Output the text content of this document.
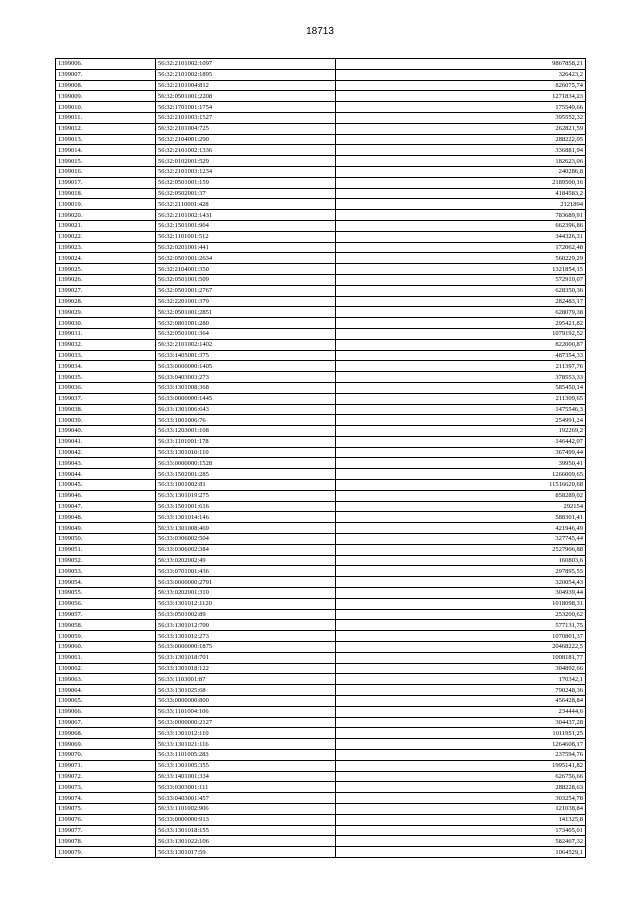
18713
1399006.	56:32:2101002:1097	9867858,21
1399007.	56:32:2101002:1895	326423,2
1399008.	56:32:2101004:812	826075,74
1399009.	56:32:0501001:2208	1271834,23
1399010.	56:32:1701001:1754	175549,66
1399011.	56:32:2101003:1527	395552,32
1399012.	56:32:2101004:725	262821,59
1399013.	56:32:2104001:290	288222,05
1399014.	56:32:2101002:1336	336881,94
1399015.	56:32:0102001:529	182623,06
1399016.	56:32:2101003:1234	240286,8
1399017.	56:32:0501001:159	2189500,16
1399018.	56:32:0502001:37	4184583,2
1399019.	56:32:2110001:428	2121894
1399020.	56:32:2101002:1431	783689,91
1399021.	56:32:1501001:904	662396,86
1399022.	56:32:1101001:512	344326,31
1399023.	56:32:0201001:441	172062,48
1399024.	56:32:0501001:2634	560229,29
1399025.	56:32:2104001:350	1321854,15
1399026.	56:32:0501001:509	572910,07
1399027.	56:32:0501001:2767	628350,36
1399028.	56:32:2201001:379	282483,17
1399029.	56:32:0501001:2851	628079,38
1399030.	56:32:0801001:280	295421,82
1399031.	56:32:0501001:364	1079192,52
1399032.	56:32:2101002:1402	822000,87
1399033.	56:33:1405001:375	487354,33
1399034.	56:33:0000000:1405	211397,76
1399035.	56:33:0403003:273	378553,33
1399036.	56:33:1301008:368	585450,14
1399037.	56:33:0000000:1445	211309,65
1399038.	56:33:1301006:643	1475546,3
1399039.	56:33:1001006:76	254991,24
1399040.	56:33:1203001:108	192269,2
1399041.	56:33:1101001:178	146442,07
1399042.	56:33:1301010:110	367499,44
1399043.	56:33:0000000:1528	39950,41
1399044.	56:33:1502001:285	1266009,65
1399045.	56:33:1001002:81	11516620,68
1399046.	56:33:1301019:275	858289,02
1399047.	56:33:1501001:616	292154
1399048.	56:33:1301014:146	588301,41
1399049.	56:33:1301008:469	421946,49
1399050.	56:33:0306002:504	327745,44
1399051.	56:33:0306002:384	2527906,88
1399052.	56:33:0202002:49	160803,6
1399053.	56:33:0701001:436	297895,55
1399054.	56:33:0000000:2791	320054,43
1399055.	56:33:0202001:310	304939,44
1399056.	56:33:1301012:1120	1018098,31
1399057.	56:33:0501002:89	253200,62
1399058.	56:33:1301012:700	577131,75
1399059.	56:33:1301012:273	1070801,37
1399060.	56:33:0000000:1875	20468222,5
1399061.	56:33:1301018:701	1008181,77
1399062.	56:33:1301018:122	304892,66
1399063.	56:33:1103001:87	170342,1
1399064.	56:33:1301025:68	790248,36
1399065.	56:33:0000000:800	456428,84
1399066.	56:33:1101004:106	234444,6
1399067.	56:33:0000000:2127	304437,28
1399068.	56:33:1301012:110	1011951,25
1399069.	56:33:1301021:116	1264608,17
1399070.	56:33:1101005:283	237594,76
1399071.	56:33:1301005:355	1995141,82
1399072.	56:33:1401001:334	626756,66
1399073.	56:33:0303001:111	288228,63
1399074.	56:33:0403001:457	303254,78
1399075.	56:33:1101002:906	121038,84
1399076.	56:33:0000000:913	141325,8
1399077.	56:33:1301018:155	173405,01
1399078.	56:33:1301022:106	582467,32
1399079.	56:33:1301017:59	1064529,1
